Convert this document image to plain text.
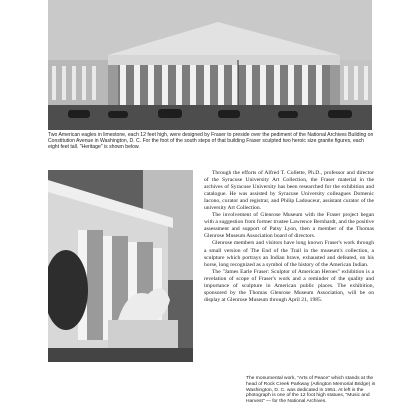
Two American eagles in limestone, each 12 feet high, were designed by Fraser to preside over the pediment of the National Archives Building on Constitution Avenue in Washington, D. C. For the foot of the south steps of that building Fraser sculpted two heroic size granite figures, each eight feet tall. "Heritage" is shown below.

Through the efforts of Alfred T. Collette, Ph.D., professor and director of the Syracuse University Art Collection, the Fraser material in the archives of Syracuse University has been researched for the exhibition and catalogue. He was assisted by Syracuse University colleagues Domenic Iacono, curator and registrar, and Philip Ladouceur, assistant curator of the university Art Collection.

The involvement of Glenrose Museum with the Fraser project began with a suggestion from former trustee Lawrence Bernhardt, and the positive assessment and support of Patsy Lyon, then a member of the Thomas Glenrose Museum Association board of directors.

Glenrose members and visitors have long known Fraser's work through a small version of The End of the Trail in the museum's collection, a sculpture which portrays an Indian brave, exhausted and defeated, on his horse, long recognized as a symbol of the history of the American Indian.

The "James Earle Fraser: Sculptor of American Heroes" exhibition is a revelation of scope of Fraser's work and a reminder of the quality and importance of sculpture in American public places. The exhibition, sponsored by the Thomas Glenrose Museum Association, will be on display at Glenrose Museum through April 21, 1985.

The monumental work, "Arts of Peace" which stands at the head of Rock Creek Parkway (Arlington Memorial Bridge) in Washington, D. C. was dedicated in 1951. At left is the photograph is one of the 12 foot high statues, "Music and Harvest" — for the National Archives.
